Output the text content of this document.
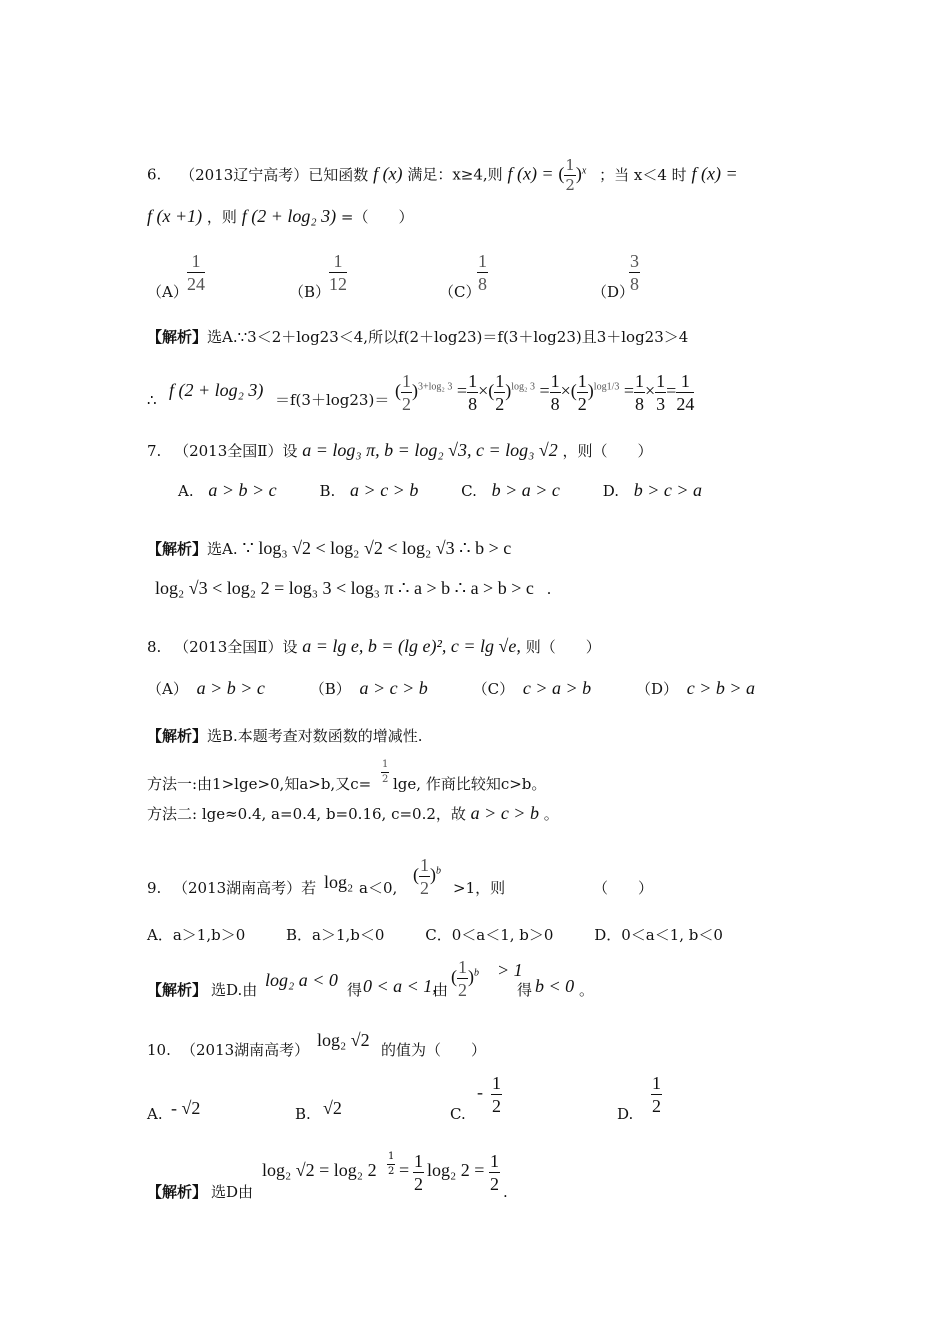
6. （2013辽宁高考）已知函数 f (x) 满足：x≥4,则 f (x) = ( $\frac{1}{2} )^x$ ；当 x＜4 时 f (x) =
f (x +1) ，则 f (2 + log₂ 3) =（　　）
$(A) \frac{1}{24}$	（B）
$\frac{1}{12}$	（C）
$\frac{1}{8}$	（D）
$\frac{3}{8}$
【解析】选A.∵3＜2＋log23＜4,所以f(2＋log23)＝f(3＋log23)且3＋log23＞4
∴ f (2 + log₂ 3) ＝f(3＋log23)＝ ( $\frac{1}{2} )^{3+log_2 3} = \frac{1}{8}$ ×( $\frac{1}{2} )^{log_2 3} = \frac{1}{8}$ ×( $\frac{1}{2} )^{log1/3} = \frac{1}{8} \times \frac{1}{3} = \frac{1}{24}$
7. （2013全国Ⅱ）设 a = log₃ π, b = log₂ √3, c = log₃ √2 ，则（　　）
A. a > b > c	B. a > c > b	C. b > a > c	D. b > c > a
【解析】选A. ∵ log₃ √2 < log₂ √2 < log₂ √3 ∴ b > c
log₂ √3 < log₂ 2 = log₃ 3 < log₃ π ∴ a > b ∴ a > b > c .
8. （2013全国Ⅱ）设 a = lg e, b = (lg e)², c = lg √e, 则（　　）
（A） a > b > c	（B） a > c > b	（C） c > a > b	（D） c > b > a
【解析】选B.本题考查对数函数的增减性.
方法一:由1>lge>0,知a>b,又$c= \frac{1}{2} \lg e$, 作商比较知c>b。
方法二: lge≈0.4, a=0.4, b=0.16, c=0.2，故 a > c > b 。
9. （2013湖南高考）若 log₂ a＜0,
( $\frac{1}{2} )^b$
>1，则	（　　）
A．a＞1,b＞0	B．a＞1,b＜0	C．0＜a＜1, b＞0	D．0＜a＜1, b＜0
【解析】 选D.由 log₂ a < 0 得 0 < a < 1,
由
( $\frac{1}{2} )^b > 1$
得 b < 0 。
10. （2013湖南高考） log₂ √2 的值为（　　）
A. - √2	B. √2	C.
- $\frac{1}{2}$	D. $\frac{1}{2}$
【解析】 选D由
log₂ √2 = log₂ $2 \frac{1}{2} = \frac{1}{2} \log_2$ $2 = \frac{1}{2}$ .
